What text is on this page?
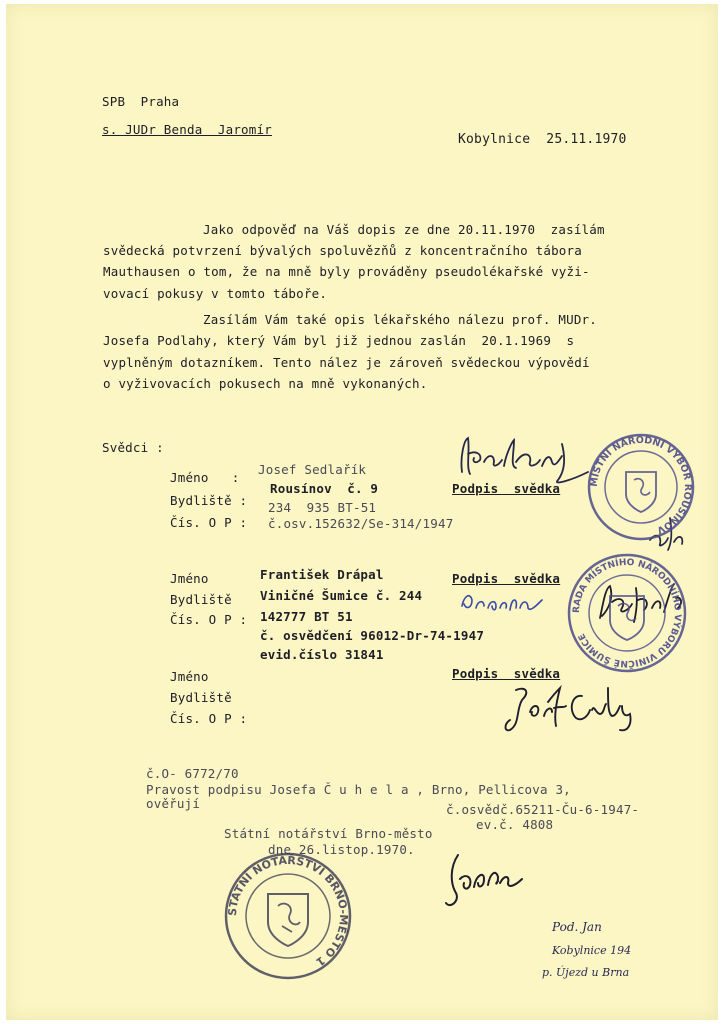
SPB  Praha
s. JUDr Benda  Jaromír
Kobylnice  25.11.1970
Jako odpověď na Váš dopis ze dne 20.11.1970  zasílám
svědecká potvrzení bývalých spoluvězňů z koncentračního tábora
Mauthausen o tom, že na mně byly prováděny pseudolékařské vyži-
vovací pokusy v tomto táboře.
Zasílám Vám také opis lékařského nálezu prof. MUDr.
Josefa Podlahy, který Vám byl již jednou zaslán  20.1.1969  s
vyplněným dotazníkem. Tento nález je zároveň svědeckou výpovědí
o vyživovacích pokusech na mně vykonaných.
Svědci :
Jméno   :
Bydliště :
Čís. O P :
Josef Sedlařík
Rousínov  č. 9
234  935 BT-51
č.osv.152632/Se-314/1947
Podpis  svědka
Jméno
Bydliště
Čís. O P :
František Drápal
Viničné Šumice č. 244
142777 BT 51
č. osvědčení 96012-Dr-74-1947
evid.číslo 31841
Podpis  svědka
Jméno
Bydliště
Čís. O P :
Podpis  svědka
č.O- 6772/70
Pravost podpisu Josefa Č u h e l a , Brno, Pellicova 3,
ověřují	č.osvědč.65211-Ču-6-1947-
ev.č. 4808
Státní notářství Brno-město
dne 26.listop.1970.
MÍSTNÍ NÁRODNÍ VÝBOR ROUSÍNOV
RADA MÍSTNÍHO NÁRODNÍHO VÝBORU VINIČNÉ ŠUMICE
STÁTNÍ NOTÁŘSTVÍ BRNO-MĚSTO 1
Pod. Jan
Kobylnice 194
p. Újezd u Brna
